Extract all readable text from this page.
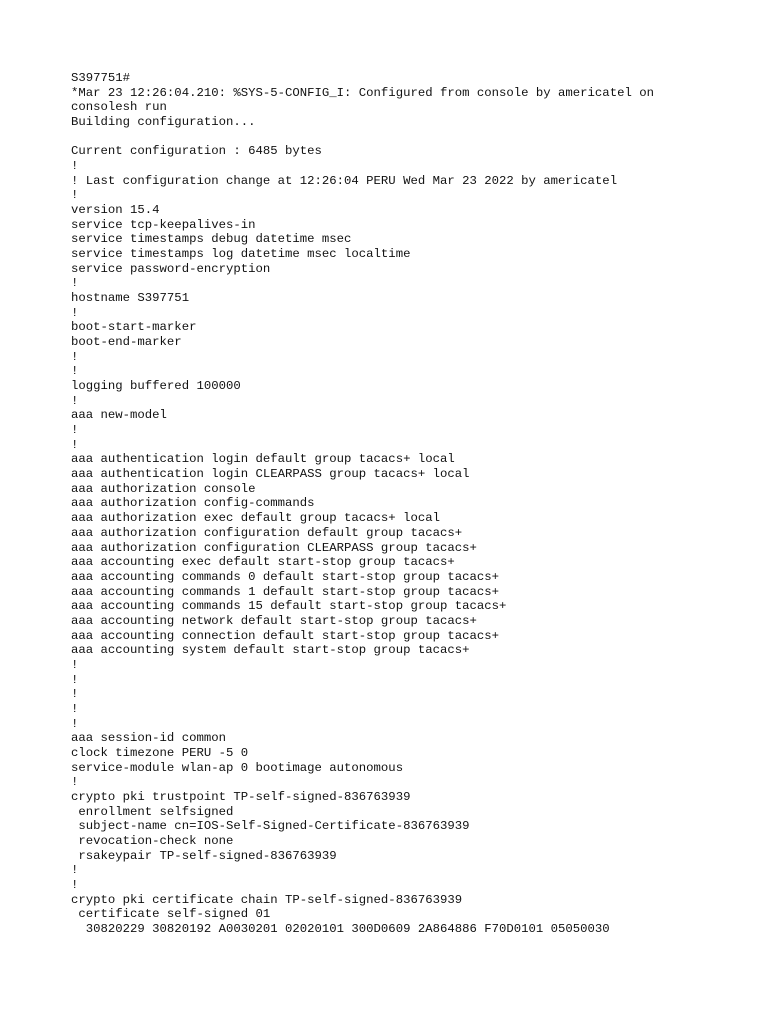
S397751#
*Mar 23 12:26:04.210: %SYS-5-CONFIG_I: Configured from console by americatel on
consolesh run
Building configuration...
Current configuration : 6485 bytes
!
! Last configuration change at 12:26:04 PERU Wed Mar 23 2022 by americatel
!
version 15.4
service tcp-keepalives-in
service timestamps debug datetime msec
service timestamps log datetime msec localtime
service password-encryption
!
hostname S397751
!
boot-start-marker
boot-end-marker
!
!
logging buffered 100000
!
aaa new-model
!
!
aaa authentication login default group tacacs+ local
aaa authentication login CLEARPASS group tacacs+ local
aaa authorization console
aaa authorization config-commands
aaa authorization exec default group tacacs+ local
aaa authorization configuration default group tacacs+
aaa authorization configuration CLEARPASS group tacacs+
aaa accounting exec default start-stop group tacacs+
aaa accounting commands 0 default start-stop group tacacs+
aaa accounting commands 1 default start-stop group tacacs+
aaa accounting commands 15 default start-stop group tacacs+
aaa accounting network default start-stop group tacacs+
aaa accounting connection default start-stop group tacacs+
aaa accounting system default start-stop group tacacs+
!
!
!
!
!
aaa session-id common
clock timezone PERU -5 0
service-module wlan-ap 0 bootimage autonomous
!
crypto pki trustpoint TP-self-signed-836763939
enrollment selfsigned
subject-name cn=IOS-Self-Signed-Certificate-836763939
revocation-check none
rsakeypair TP-self-signed-836763939
!
!
crypto pki certificate chain TP-self-signed-836763939
certificate self-signed 01
30820229 30820192 A0030201 02020101 300D0609 2A864886 F70D0101 05050030
